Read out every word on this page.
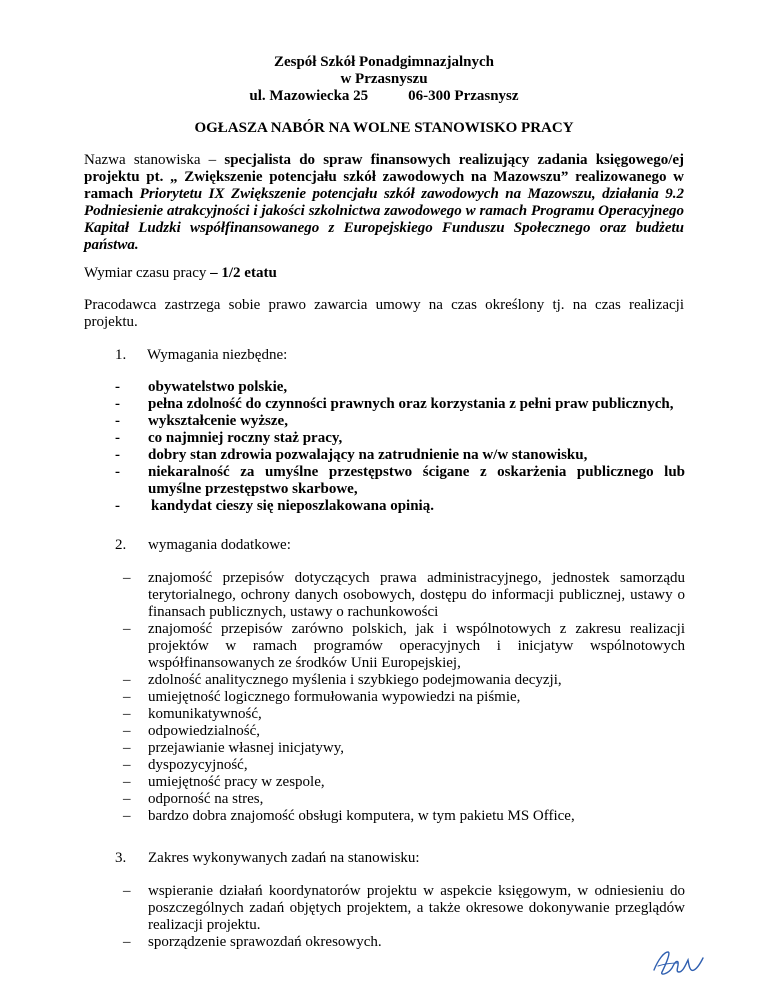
Zespół Szkół Ponadgimnazjalnych
w Przasnyszu
ul. Mazowiecka 25	06-300 Przasnysz
OGŁASZA NABÓR NA WOLNE STANOWISKO PRACY
Nazwa stanowiska – specjalista do spraw finansowych realizujący zadania księgowego/ej projektu pt. „ Zwiększenie potencjału szkół zawodowych na Mazowszu” realizowanego w ramach Priorytetu IX Zwiększenie potencjału szkół zawodowych na Mazowszu, działania 9.2 Podniesienie atrakcyjności i jakości szkolnictwa zawodowego w ramach Programu Operacyjnego Kapitał Ludzki współfinansowanego z Europejskiego Funduszu Społecznego oraz budżetu państwa.
Wymiar czasu pracy – 1/2 etatu
Pracodawca zastrzega sobie prawo zawarcia umowy na czas określony tj. na czas realizacji projektu.
1. Wymagania niezbędne:
- obywatelstwo polskie,
- pełna zdolność do czynności prawnych oraz korzystania z pełni praw publicznych,
- wykształcenie wyższe,
- co najmniej roczny staż pracy,
- dobry stan zdrowia pozwalający na zatrudnienie na w/w stanowisku,
- niekaralność za umyślne przestępstwo ścigane z oskarżenia publicznego lub umyślne przestępstwo skarbowe,
- kandydat cieszy się nieposzlakowana opinią.
2. wymagania dodatkowe:
– znajomość przepisów dotyczących prawa administracyjnego, jednostek samorządu terytorialnego, ochrony danych osobowych, dostępu do informacji publicznej, ustawy o finansach publicznych, ustawy o rachunkowości
– znajomość przepisów zarówno polskich, jak i wspólnotowych z zakresu realizacji projektów w ramach programów operacyjnych i inicjatyw wspólnotowych współfinansowanych ze środków Unii Europejskiej,
– zdolność analitycznego myślenia i szybkiego podejmowania decyzji,
– umiejętność logicznego formułowania wypowiedzi na piśmie,
– komunikatywność,
– odpowiedzialność,
– przejawianie własnej inicjatywy,
– dyspozycyjność,
– umiejętność pracy w zespole,
– odporność na stres,
– bardzo dobra znajomość obsługi komputera, w tym pakietu MS Office,
3. Zakres wykonywanych zadań na stanowisku:
– wspieranie działań koordynatorów projektu w aspekcie księgowym, w odniesieniu do poszczególnych zadań objętych projektem, a także okresowe dokonywanie przeglądów realizacji projektu.
– sporządzenie sprawozdań okresowych.
